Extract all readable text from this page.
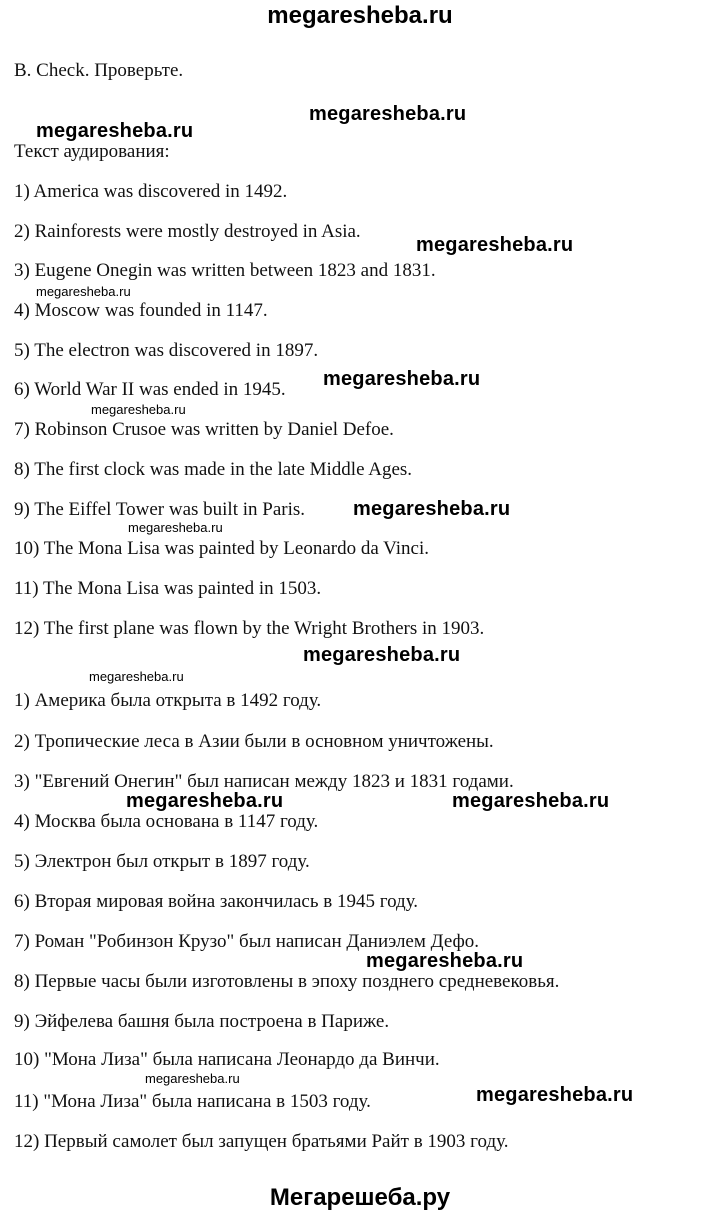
megaresheba.ru
B. Check. Проверьте.
megaresheba.ru
megaresheba.ru
Текст аудирования:
1) America was discovered in 1492.
2) Rainforests were mostly destroyed in Asia.
megaresheba.ru
3) Eugene Onegin was written between 1823 and 1831.
megaresheba.ru
4) Moscow was founded in 1147.
5) The electron was discovered in 1897.
megaresheba.ru
6) World War II was ended in 1945.
megaresheba.ru
7) Robinson Crusoe was written by Daniel Defoe.
8) The first clock was made in the late Middle Ages.
9) The Eiffel Tower was built in Paris. megaresheba.ru
megaresheba.ru
10) The Mona Lisa was painted by Leonardo da Vinci.
11) The Mona Lisa was painted in 1503.
12) The first plane was flown by the Wright Brothers in 1903.
megaresheba.ru
megaresheba.ru
1) Америка была открыта в 1492 году.
2) Тропические леса в Азии были в основном уничтожены.
3) "Евгений Онегин" был написан между 1823 и 1831 годами.
megaresheba.ru	megaresheba.ru
4) Москва была основана в 1147 году.
5) Электрон был открыт в 1897 году.
6) Вторая мировая война закончилась в 1945 году.
7) Роман "Робинзон Крузо" был написан Даниэлем Дефо.
megaresheba.ru
8) Первые часы были изготовлены в эпоху позднего средневековья.
9) Эйфелева башня была построена в Париже.
10) "Мона Лиза" была написана Леонардо да Винчи.
megaresheba.ru
megaresheba.ru
11) "Мона Лиза" была написана в 1503 году.
12) Первый самолет был запущен братьями Райт в 1903 году.
Мегарешеба.ру
